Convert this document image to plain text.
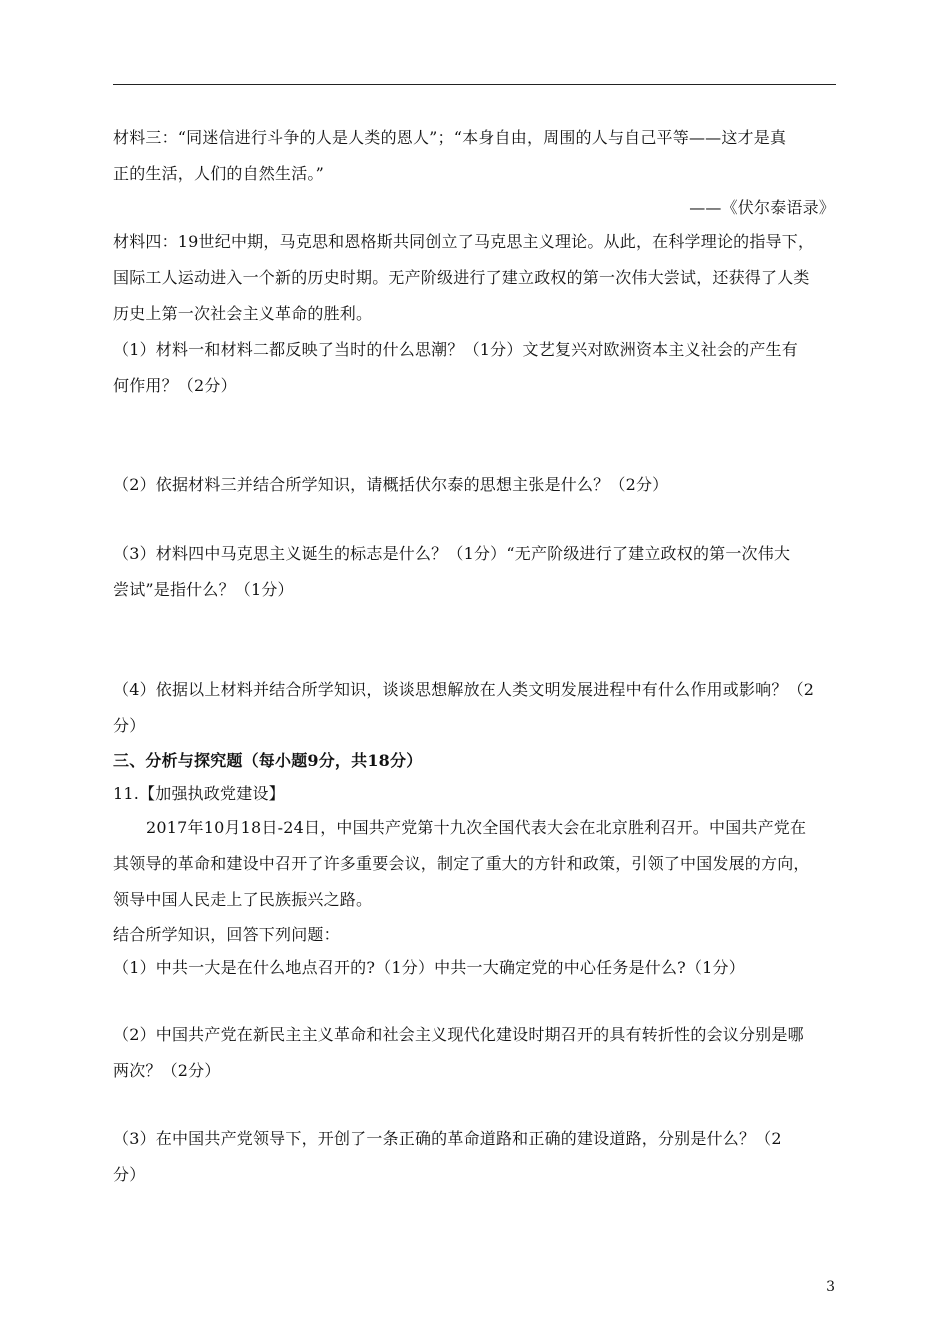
材料三：“同迷信进行斗争的人是人类的恩人”；“本身自由，周围的人与自己平等——这才是真
正的生活，人们的自然生活。”
——《伏尔泰语录》
材料四：19世纪中期，马克思和恩格斯共同创立了马克思主义理论。从此，在科学理论的指导下，
国际工人运动进入一个新的历史时期。无产阶级进行了建立政权的第一次伟大尝试，还获得了人类
历史上第一次社会主义革命的胜利。
（1）材料一和材料二都反映了当时的什么思潮？（1分）文艺复兴对欧洲资本主义社会的产生有
何作用？（2分）
（2）依据材料三并结合所学知识，请概括伏尔泰的思想主张是什么？（2分）
（3）材料四中马克思主义诞生的标志是什么？（1分）“无产阶级进行了建立政权的第一次伟大
尝试”是指什么？（1分）
（4）依据以上材料并结合所学知识，谈谈思想解放在人类文明发展进程中有什么作用或影响？（2
分）
三、分析与探究题（每小题9分，共18分）
11.【加强执政党建设】
2017年10月18日-24日，中国共产党第十九次全国代表大会在北京胜利召开。中国共产党在
其领导的革命和建设中召开了许多重要会议，制定了重大的方针和政策，引领了中国发展的方向，
领导中国人民走上了民族振兴之路。
结合所学知识，回答下列问题：
（1）中共一大是在什么地点召开的?（1分）中共一大确定党的中心任务是什么?（1分）
（2）中国共产党在新民主主义革命和社会主义现代化建设时期召开的具有转折性的会议分别是哪
两次？（2分）
（3）在中国共产党领导下，开创了一条正确的革命道路和正确的建设道路，分别是什么？（2
分）
3
